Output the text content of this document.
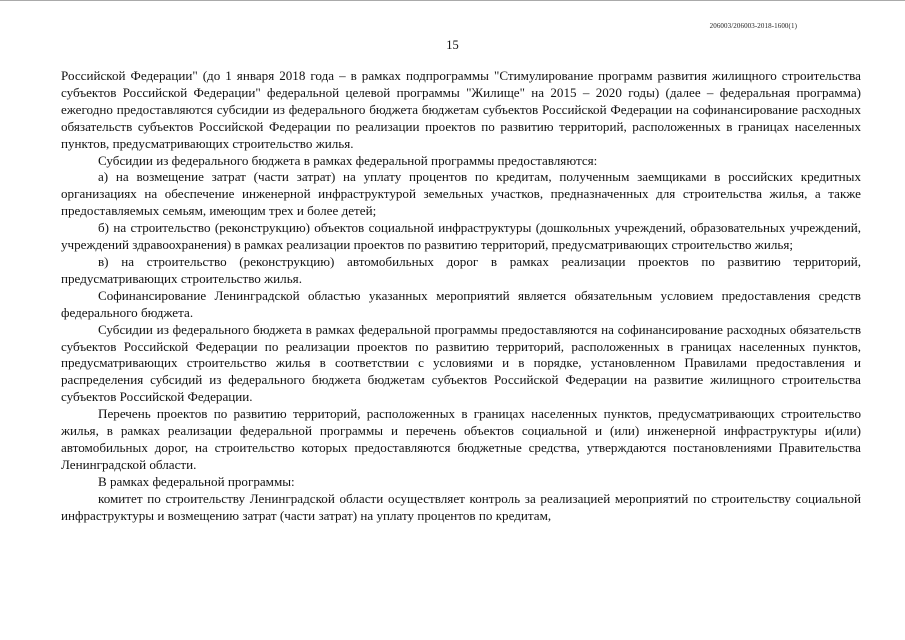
206003/206003-2018-1600(1)
15

Российской Федерации" (до 1 января 2018 года – в рамках подпрограммы "Стимулирование программ развития жилищного строительства субъектов Российской Федерации" федеральной целевой программы "Жилище" на 2015 – 2020 годы) (далее – федеральная программа) ежегодно предоставляются субсидии из федерального бюджета бюджетам субъектов Российской Федерации на софинансирование расходных обязательств субъектов Российской Федерации по реализации проектов по развитию территорий, расположенных в границах населенных пунктов, предусматривающих строительство жилья.

Субсидии из федерального бюджета в рамках федеральной программы предоставляются:

а) на возмещение затрат (части затрат) на уплату процентов по кредитам, полученным заемщиками в российских кредитных организациях на обеспечение инженерной инфраструктурой земельных участков, предназначенных для строительства жилья, а также предоставляемых семьям, имеющим трех и более детей;

б) на строительство (реконструкцию) объектов социальной инфраструктуры (дошкольных учреждений, образовательных учреждений, учреждений здравоохранения) в рамках реализации проектов по развитию территорий, предусматривающих строительство жилья;

в) на строительство (реконструкцию) автомобильных дорог в рамках реализации проектов по развитию территорий, предусматривающих строительство жилья.

Софинансирование Ленинградской областью указанных мероприятий является обязательным условием предоставления средств федерального бюджета.

Субсидии из федерального бюджета в рамках федеральной программы предоставляются на софинансирование расходных обязательств субъектов Российской Федерации по реализации проектов по развитию территорий, расположенных в границах населенных пунктов, предусматривающих строительство жилья в соответствии с условиями и в порядке, установленном Правилами предоставления и распределения субсидий из федерального бюджета бюджетам субъектов Российской Федерации на развитие жилищного строительства субъектов Российской Федерации.

Перечень проектов по развитию территорий, расположенных в границах населенных пунктов, предусматривающих строительство жилья, в рамках реализации федеральной программы и перечень объектов социальной и (или) инженерной инфраструктуры и(или) автомобильных дорог, на строительство которых предоставляются бюджетные средства, утверждаются постановлениями Правительства Ленинградской области.

В рамках федеральной программы:

комитет по строительству Ленинградской области осуществляет контроль за реализацией мероприятий по строительству социальной инфраструктуры и возмещению затрат (части затрат) на уплату процентов по кредитам,
